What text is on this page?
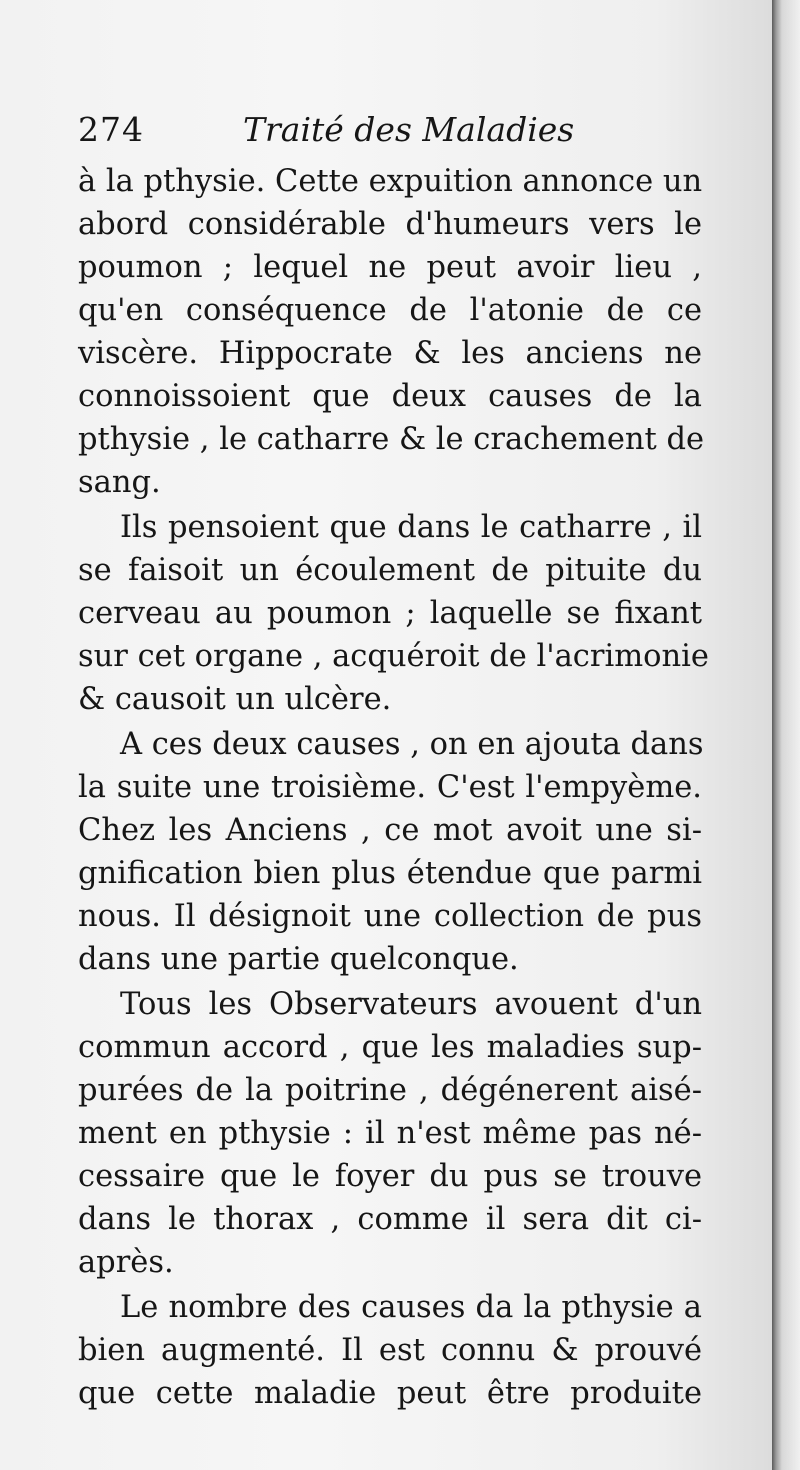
274	Traité des Maladies
à la pthysie. Cette expuition annonce un
abord considérable d'humeurs vers le
poumon ; lequel ne peut avoir lieu ,
qu'en conséquence de l'atonie de ce
viscère. Hippocrate & les anciens ne
connoissoient que deux causes de la
pthysie , le catharre & le crachement de
sang.
Ils pensoient que dans le catharre , il
se faisoit un écoulement de pituite du
cerveau au poumon ; laquelle se fixant
sur cet organe , acquéroit de l'acrimonie
& causoit un ulcère.
A ces deux causes , on en ajouta dans
la suite une troisième. C'est l'empyème.
Chez les Anciens , ce mot avoit une si-
gnification bien plus étendue que parmi
nous. Il désignoit une collection de pus
dans une partie quelconque.
Tous les Observateurs avouent d'un
commun accord , que les maladies sup-
purées de la poitrine , dégénerent aisé-
ment en pthysie : il n'est même pas né-
cessaire que le foyer du pus se trouve
dans le thorax , comme il sera dit ci-
après.
Le nombre des causes da la pthysie a
bien augmenté. Il est connu & prouvé
que cette maladie peut être produite
